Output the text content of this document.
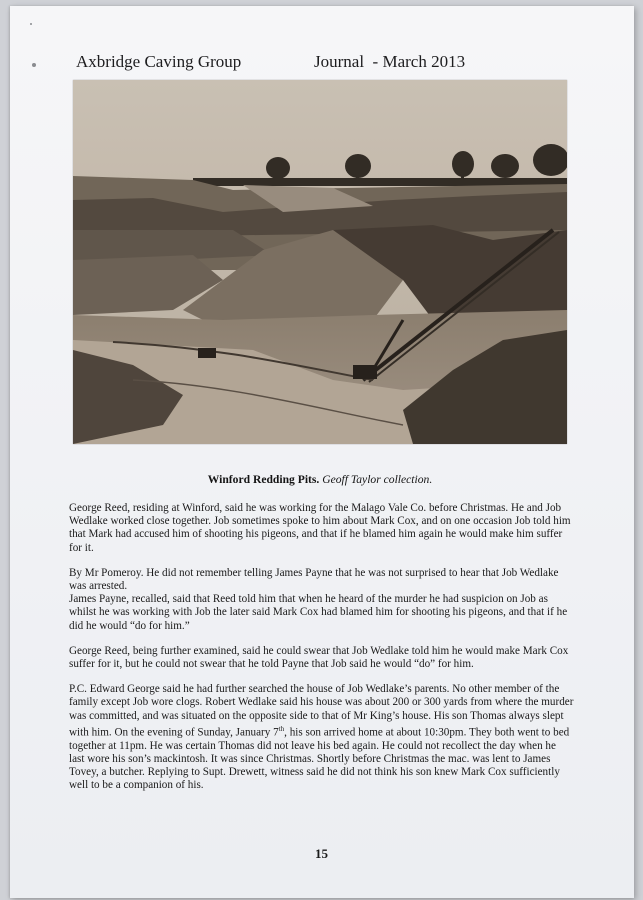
Axbridge Caving Group	Journal  - March 2013
Winford Redding Pits. Geoff Taylor collection.

George Reed, residing at Winford, said he was working for the Malago Vale Co. before Christmas. He and Job Wedlake worked close together. Job sometimes spoke to him about Mark Cox, and on one occasion Job told him that Mark had accused him of shooting his pigeons, and that if he blamed him again he would make him suffer for it.

By Mr Pomeroy. He did not remember telling James Payne that he was not surprised to hear that Job Wedlake was arrested.

James Payne, recalled, said that Reed told him that when he heard of the murder he had suspicion on Job as whilst he was working with Job the later said Mark Cox had blamed him for shooting his pigeons, and that if he did he would “do for him.”

George Reed, being further examined, said he could swear that Job Wedlake told him he would make Mark Cox suffer for it, but he could not swear that he told Payne that Job said he would “do” for him.

P.C. Edward George said he had further searched the house of Job Wedlake’s parents. No other member of the family except Job wore clogs. Robert Wedlake said his house was about 200 or 300 yards from where the murder was committed, and was situated on the opposite side to that of Mr King’s house. His son Thomas always slept with him. On the evening of Sunday, January 7th, his son arrived home at about 10:30pm. They both went to bed together at 11pm. He was certain Thomas did not leave his bed again. He could not recollect the day when he last wore his son’s mackintosh. It was since Christmas. Shortly before Christmas the mac. was lent to James Tovey, a butcher. Replying to Supt. Drewett, witness said he did not think his son knew Mark Cox sufficiently well to be a companion of his.

15
